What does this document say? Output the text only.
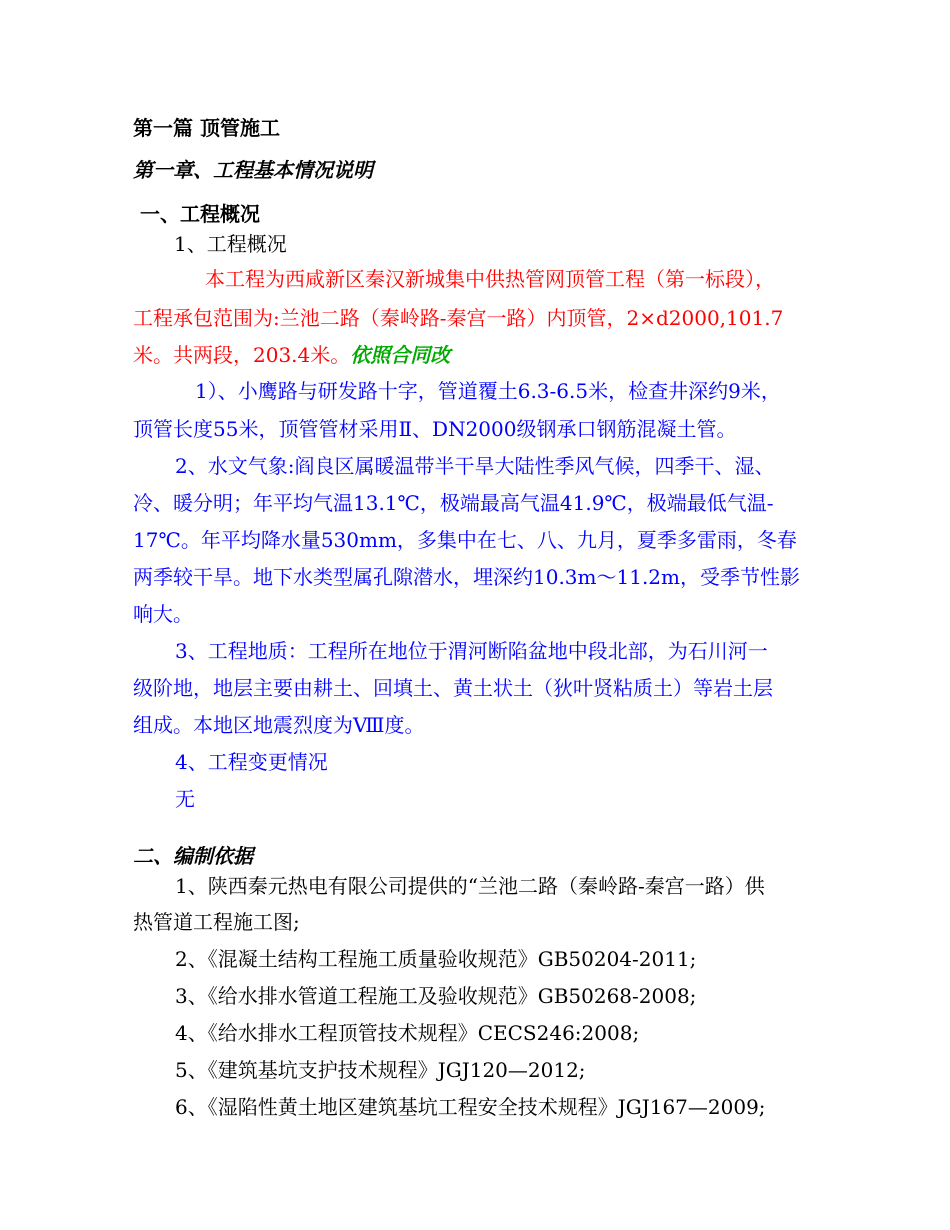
第一篇 顶管施工
第一章、工程基本情况说明
一、工程概况
1、工程概况
本工程为西咸新区秦汉新城集中供热管网顶管工程（第一标段），
工程承包范围为:兰池二路（秦岭路-秦宫一路）内顶管，2×d2000,101.7
米。共两段，203.4米。依照合同改
1）、小鹰路与研发路十字，管道覆土6.3-6.5米，检查井深约9米，
顶管长度55米，顶管管材采用Ⅱ、DN2000级钢承口钢筋混凝土管。
2、水文气象:阎良区属暖温带半干旱大陆性季风气候，四季干、湿、
冷、暖分明；年平均气温13.1℃，极端最高气温41.9℃，极端最低气温-
17℃。年平均降水量530mm，多集中在七、八、九月，夏季多雷雨，冬春
两季较干旱。地下水类型属孔隙潜水，埋深约10.3m～11.2m，受季节性影
响大。
3、工程地质：工程所在地位于渭河断陷盆地中段北部，为石川河一
级阶地，地层主要由耕土、回填土、黄土状土（狄叶贤粘质土）等岩土层
组成。本地区地震烈度为Ⅷ度。
4、工程变更情况
无
二、编制依据
1、陕西秦元热电有限公司提供的“兰池二路（秦岭路-秦宫一路）供
热管道工程施工图;
2、《混凝土结构工程施工质量验收规范》GB50204-2011;
3、《给水排水管道工程施工及验收规范》GB50268-2008;
4、《给水排水工程顶管技术规程》CECS246:2008;
5、《建筑基坑支护技术规程》JGJ120—2012;
6、《湿陷性黄土地区建筑基坑工程安全技术规程》JGJ167—2009;
